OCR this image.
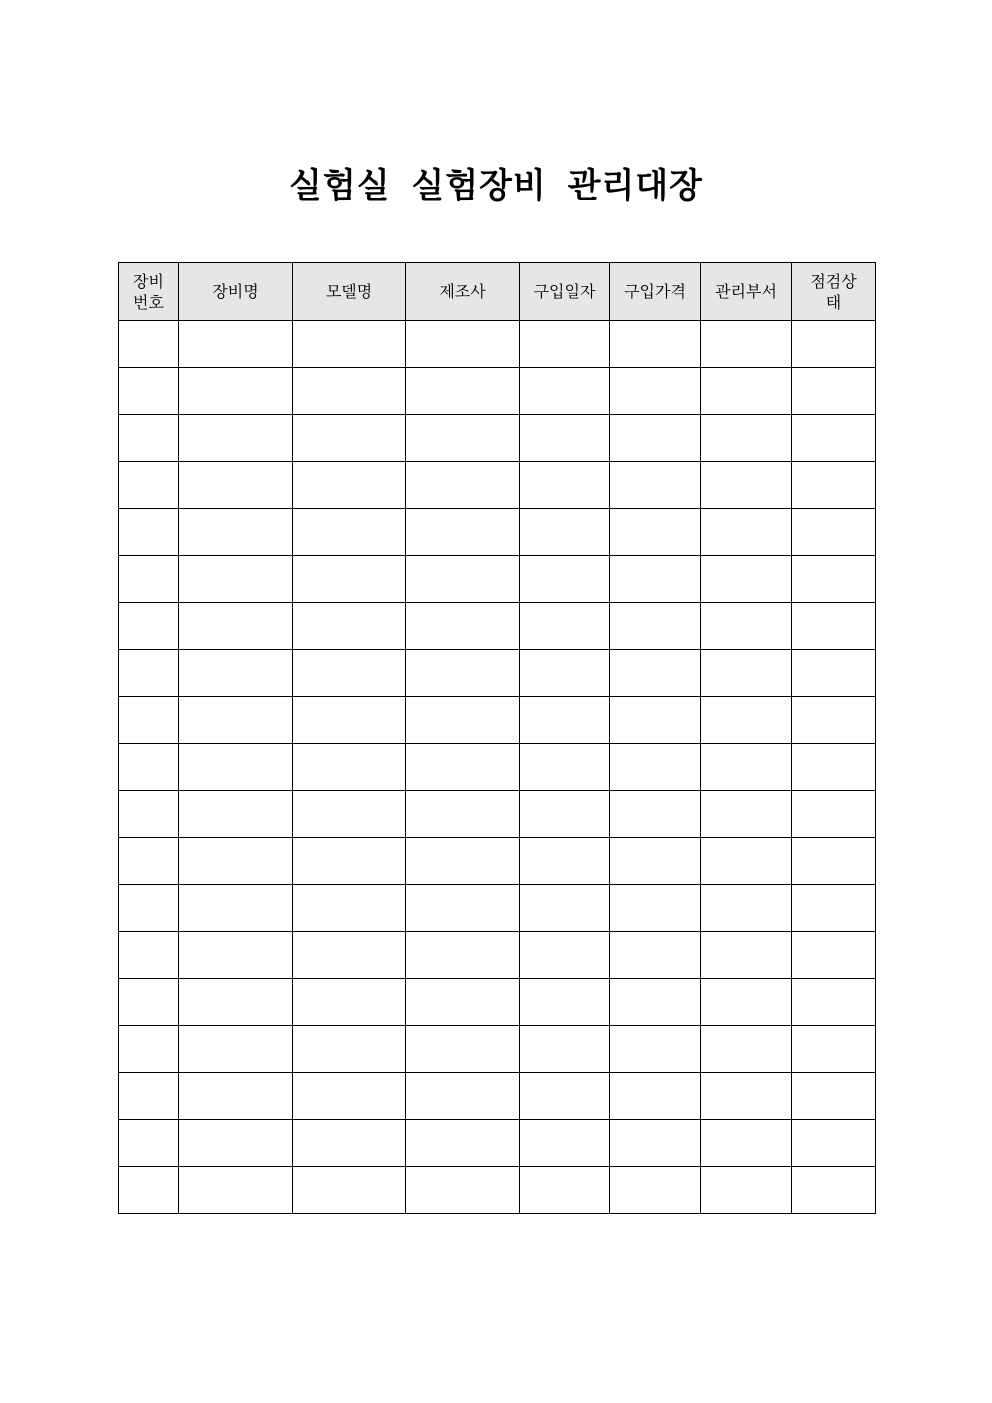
실험실 실험장비 관리대장
장비
번호	장비명	모델명	제조사	구입일자	구입가격	관리부서	점검상
태
